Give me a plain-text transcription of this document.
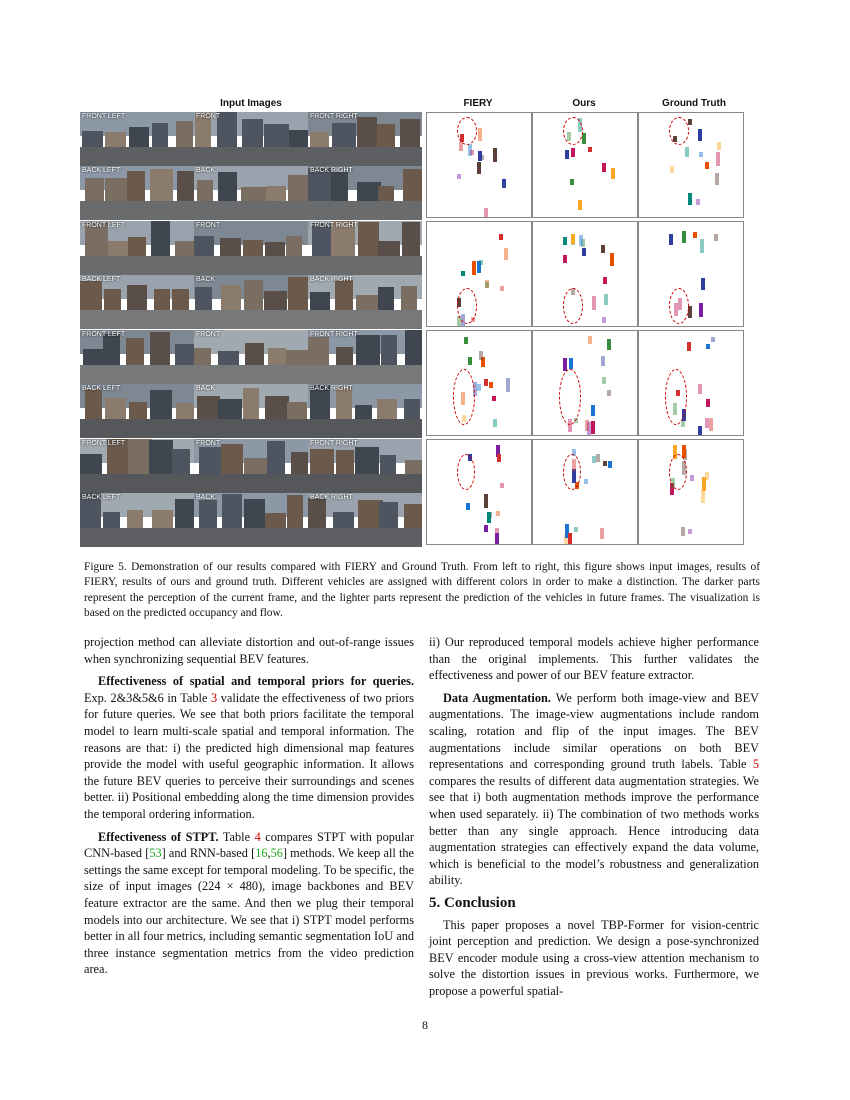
Input Images	FIERY	Ours	Ground Truth
FRONT LEFT	FRONT	FRONT RIGHT
BACK LEFT	BACK	BACK RIGHT
FRONT LEFT	FRONT	FRONT RIGHT
BACK LEFT	BACK	BACK RIGHT
FRONT LEFT	FRONT	FRONT RIGHT
BACK LEFT	BACK	BACK RIGHT
FRONT LEFT	FRONT	FRONT RIGHT
BACK LEFT	BACK	BACK RIGHT
Figure 5. Demonstration of our results compared with FIERY and Ground Truth. From left to right, this figure shows input images, results of FIERY, results of ours and ground truth. Different vehicles are assigned with different colors in order to make a distinction. The darker parts represent the perception of the current frame, and the lighter parts represent the prediction of the vehicles in future frames. The visualization is based on the predicted occupancy and flow.

projection method can alleviate distortion and out-of-range issues when synchronizing sequential BEV features.

Effectiveness of spatial and temporal priors for queries. Exp. 2&3&5&6 in Table 3 validate the effectiveness of two priors for future queries. We see that both priors facilitate the temporal model to learn multi-scale spatial and temporal information. The reasons are that: i) the predicted high dimensional map features provide the model with useful geographic information. It allows the future BEV queries to perceive their surroundings and scenes better. ii) Positional embedding along the time dimension provides the temporal ordering information.

Effectiveness of STPT. Table 4 compares STPT with popular CNN-based [53] and RNN-based [16,56] methods. We keep all the settings the same except for temporal modeling. To be specific, the size of input images (224 × 480), image backbones and BEV feature extractor are the same. And then we plug their temporal models into our architecture. We see that i) STPT model performs better in all four metrics, including semantic segmentation IoU and three instance segmentation metrics from the video prediction area.

ii) Our reproduced temporal models achieve higher performance than the original implements. This further validates the effectiveness and power of our BEV feature extractor.

Data Augmentation. We perform both image-view and BEV augmentations. The image-view augmentations include random scaling, rotation and flip of the input images. The BEV augmentations include similar operations on both BEV representations and corresponding ground truth labels. Table 5 compares the results of different data augmentation strategies. We see that i) both augmentation methods improve the performance when used separately. ii) The combination of two methods works better than any single approach. Hence introducing data augmentation strategies can effectively expand the data volume, which is beneficial to the model’s robustness and generalization ability.

5. Conclusion

This paper proposes a novel TBP-Former for vision-centric joint perception and prediction. We design a pose-synchronized BEV encoder module using a cross-view attention mechanism to solve the distortion issues in previous works. Furthermore, we propose a powerful spatial-

8
